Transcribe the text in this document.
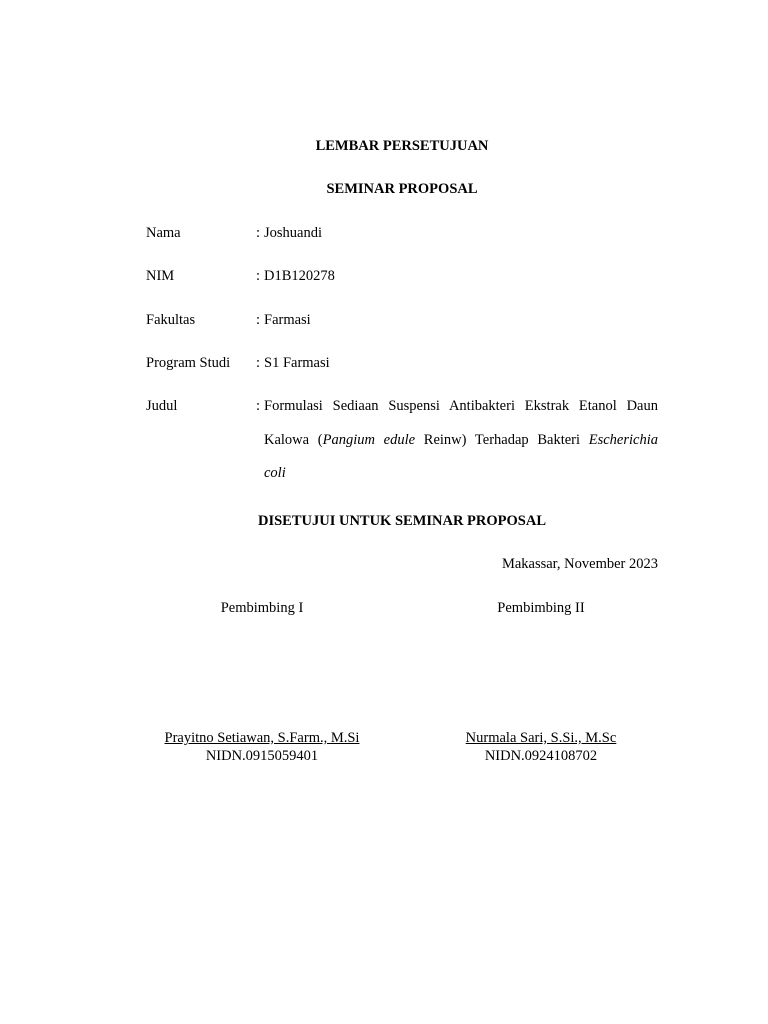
LEMBAR PERSETUJUAN
SEMINAR PROPOSAL
Nama	: Joshuandi
NIM	: D1B120278
Fakultas	: Farmasi
Program Studi : S1 Farmasi
Judul	: Formulasi Sediaan Suspensi Antibakteri Ekstrak Etanol Daun
Kalowa (Pangium edule Reinw) Terhadap Bakteri Escherichia
coli
DISETUJUI UNTUK SEMINAR PROPOSAL
Makassar, November 2023
Pembimbing I	Pembimbing II
Prayitno Setiawan, S.Farm., M.Si
NIDN.0915059401
Nurmala Sari, S.Si., M.Sc
NIDN.0924108702
